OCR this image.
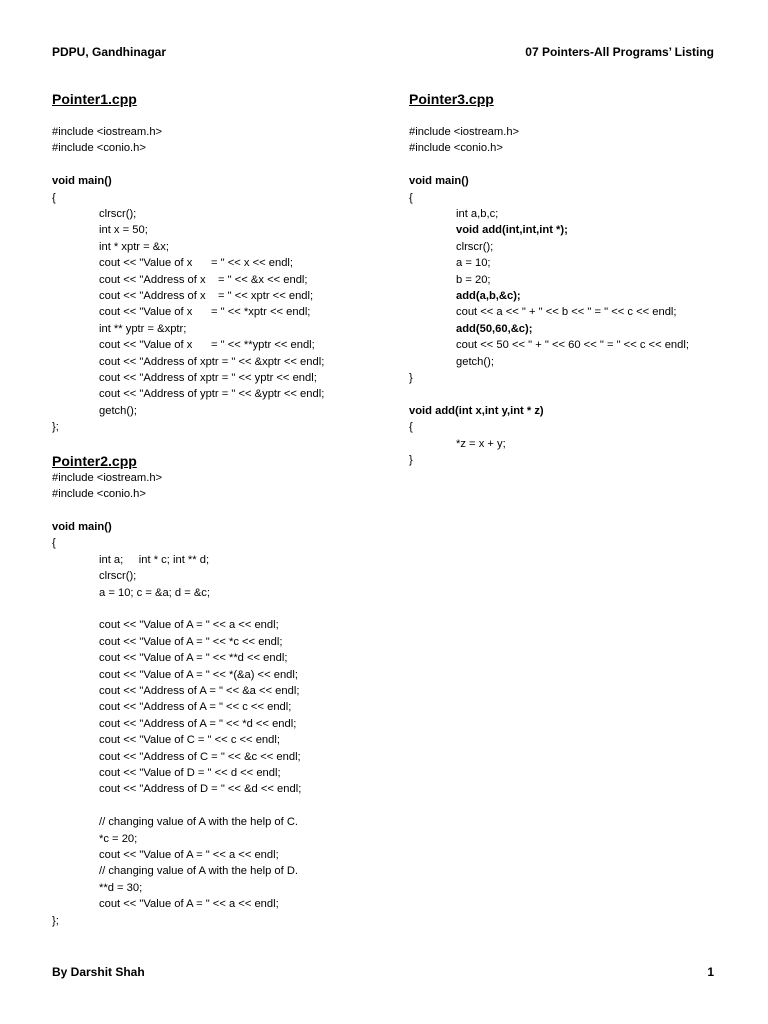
PDPU, Gandhinagar	07 Pointers-All Programs’ Listing
Pointer1.cpp
#include <iostream.h>
#include <conio.h>
void main()
{
clrscr();
int x = 50;
int * xptr = &x;
cout << "Value of x      = " << x << endl;
cout << "Address of x    = " << &x << endl;
cout << "Address of x    = " << xptr << endl;
cout << "Value of x      = " << *xptr << endl;
int ** yptr = &xptr;
cout << "Value of x      = " << **yptr << endl;
cout << "Address of xptr = " << &xptr << endl;
cout << "Address of xptr = " << yptr << endl;
cout << "Address of yptr = " << &yptr << endl;
getch();
};
Pointer2.cpp
#include <iostream.h>
#include <conio.h>
void main()
{
int a;     int * c; int ** d;
clrscr();
a = 10; c = &a; d = &c;
cout << "Value of A = " << a << endl;
cout << "Value of A = " << *c << endl;
cout << "Value of A = " << **d << endl;
cout << "Value of A = " << *(&a) << endl;
cout << "Address of A = " << &a << endl;
cout << "Address of A = " << c << endl;
cout << "Address of A = " << *d << endl;
cout << "Value of C = " << c << endl;
cout << "Address of C = " << &c << endl;
cout << "Value of D = " << d << endl;
cout << "Address of D = " << &d << endl;
// changing value of A with the help of C.
*c = 20;
cout << "Value of A = " << a << endl;
// changing value of A with the help of D.
**d = 30;
cout << "Value of A = " << a << endl;
};
Pointer3.cpp
#include <iostream.h>
#include <conio.h>
void main()
{
int a,b,c;
void add(int,int,int *);
clrscr();
a = 10;
b = 20;
add(a,b,&c);
cout << a << " + " << b << " = " << c << endl;
add(50,60,&c);
cout << 50 << " + " << 60 << " = " << c << endl;
getch();
}
void add(int x,int y,int * z)
{
*z = x + y;
}
By Darshit Shah	1
